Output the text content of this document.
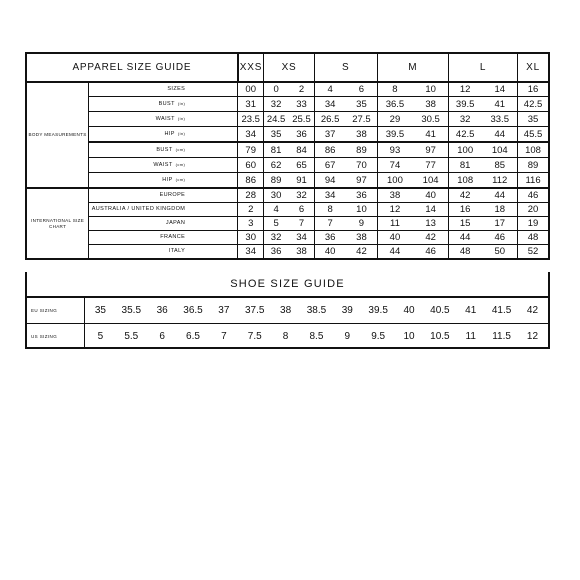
APPAREL SIZE GUIDE		XXS	XS		S		M		L		XL
BODY MEASUREMENTS	SIZES	00	0	2	4	6	8	10	12	14	16
	BUST (in)	31	32	33	34	35	36.5	38	39.5	41	42.5
	WAIST (in)	23.5	24.5	25.5	26.5	27.5	29	30.5	32	33.5	35
	HIP (in)	34	35	36	37	38	39.5	41	42.5	44	45.5
	BUST (cm)	79	81	84	86	89	93	97	100	104	108
	WAIST (cm)	60	62	65	67	70	74	77	81	85	89
	HIP (cm)	86	89	91	94	97	100	104	108	112	116
INTERNATIONAL SIZE CHART	EUROPE	28	30	32	34	36	38	40	42	44	46
	AUSTRALIA / UNITED KINGDOM	2	4	6	8	10	12	14	16	18	20
	JAPAN	3	5	7	7	9	11	13	15	17	19
	FRANCE	30	32	34	36	38	40	42	44	46	48
	ITALY	34	36	38	40	42	44	46	48	50	52
SHOE SIZE GUIDE
EU SIZING	35	35.5	36	36.5	37	37.5	38	38.5	39	39.5	40	40.5	41	41.5	42
US SIZING	5	5.5	6	6.5	7	7.5	8	8.5	9	9.5	10	10.5	11	11.5	12
